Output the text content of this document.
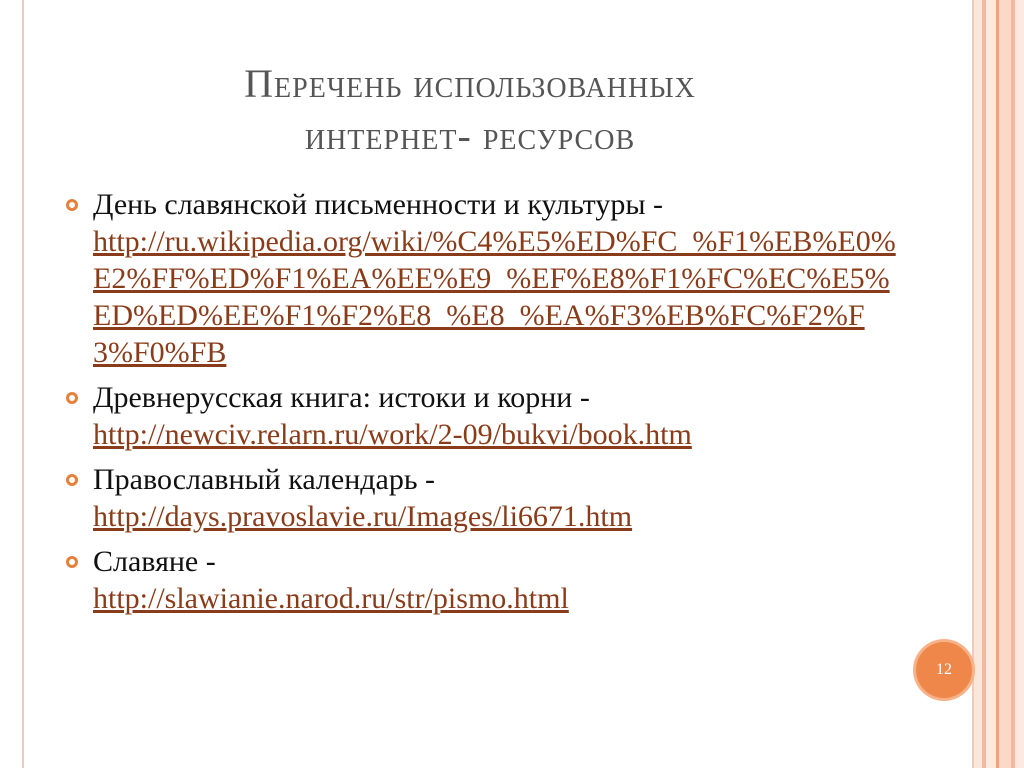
Перечень использованных
интернет- ресурсов
День славянской письменности и культуры -
http://ru.wikipedia.org/wiki/%C4%E5%ED%FC_%F1%EB%E0%E2%FF%ED%F1%EA%EE%E9_%EF%E8%F1%FC%EC%E5%ED%ED%EE%F1%F2%E8_%E8_%EA%F3%EB%FC%F2%F3%F0%FB
Древнерусская книга: истоки и корни -
http://newciv.relarn.ru/work/2-09/bukvi/book.htm
Православный календарь -
http://days.pravoslavie.ru/Images/li6671.htm
Славяне -
http://slawianie.narod.ru/str/pismo.html
12
